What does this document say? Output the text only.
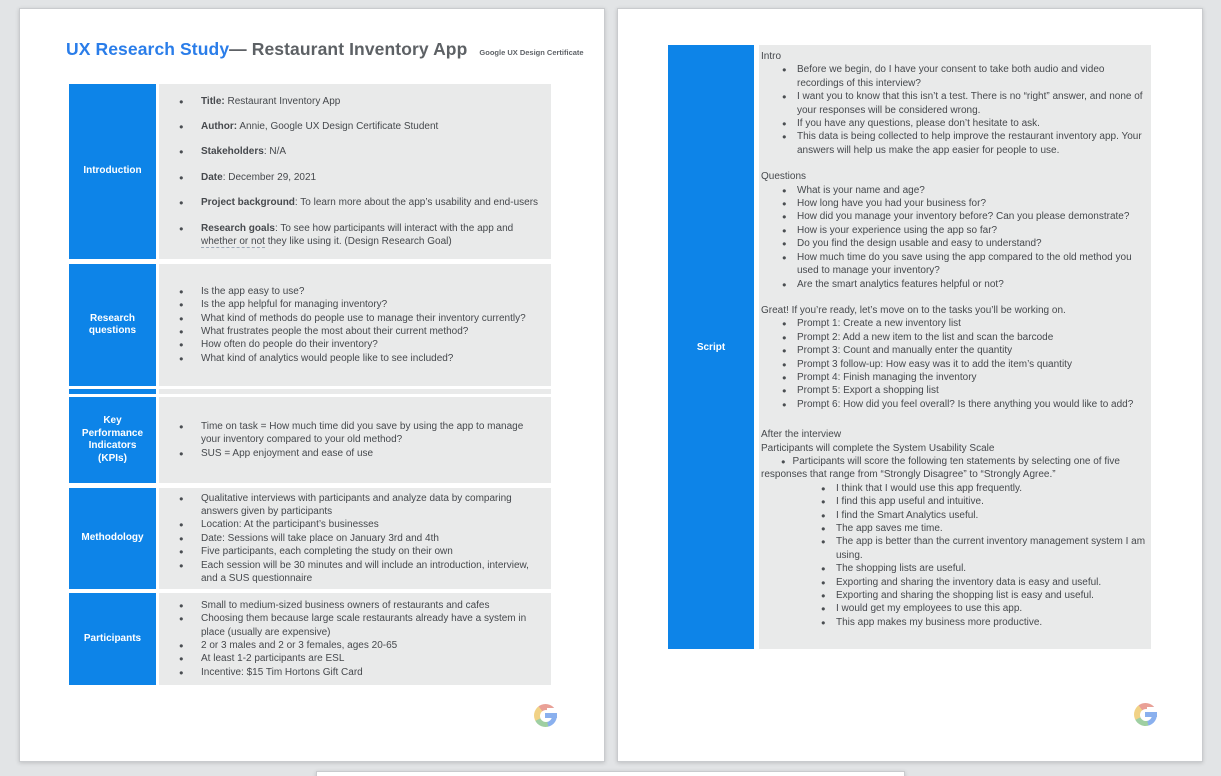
UX Research Study — Restaurant Inventory App Google UX Design Certificate
Introduction
●	Title: Restaurant Inventory App
●	Author: Annie, Google UX Design Certificate Student
●	Stakeholders: N/A
●	Date: December 29, 2021
●	Project background: To learn more about the app’s usability and end-users
●	Research goals: To see how participants will interact with the app and whether or not they like using it. (Design Research Goal)
Research questions
●	Is the app easy to use?
●	Is the app helpful for managing inventory?
●	What kind of methods do people use to manage their inventory currently?
●	What frustrates people the most about their current method?
●	How often do people do their inventory?
●	What kind of analytics would people like to see included?
Key Performance Indicators (KPIs)
●	Time on task = How much time did you save by using the app to manage your inventory compared to your old method?
●	SUS = App enjoyment and ease of use
Methodology
●	Qualitative interviews with participants and analyze data by comparing answers given by participants
●	Location: At the participant’s businesses
●	Date: Sessions will take place on January 3rd and 4th
●	Five participants, each completing the study on their own
●	Each session will be 30 minutes and will include an introduction, interview, and a SUS questionnaire
Participants
●	Small to medium-sized business owners of restaurants and cafes
●	Choosing them because large scale restaurants already have a system in place (usually are expensive)
●	2 or 3 males and 2 or 3 females, ages 20-65
●	At least 1-2 participants are ESL
●	Incentive: $15 Tim Hortons Gift Card
Script
Intro
●	Before we begin, do I have your consent to take both audio and video recordings of this interview?
●	I want you to know that this isn’t a test. There is no “right” answer, and none of your responses will be considered wrong.
●	If you have any questions, please don’t hesitate to ask.
●	This data is being collected to help improve the restaurant inventory app. Your answers will help us make the app easier for people to use.
Questions
●	What is your name and age?
●	How long have you had your business for?
●	How did you manage your inventory before? Can you please demonstrate?
●	How is your experience using the app so far?
●	Do you find the design usable and easy to understand?
●	How much time do you save using the app compared to the old method you used to manage your inventory?
●	Are the smart analytics features helpful or not?
Great! If you’re ready, let’s move on to the tasks you’ll be working on.
●	Prompt 1: Create a new inventory list
●	Prompt 2: Add a new item to the list and scan the barcode
●	Prompt 3: Count and manually enter the quantity
●	Prompt 3 follow-up: How easy was it to add the item’s quantity
●	Prompt 4: Finish managing the inventory
●	Prompt 5: Export a shopping list
●	Prompt 6: How did you feel overall? Is there anything you would like to add?
After the interview
Participants will complete the System Usability Scale
● Participants will score the following ten statements by selecting one of five responses that range from “Strongly Disagree” to “Strongly Agree.”
●	I think that I would use this app frequently.
●	I find this app useful and intuitive.
●	I find the Smart Analytics useful.
●	The app saves me time.
●	The app is better than the current inventory management system I am using.
●	The shopping lists are useful.
●	Exporting and sharing the inventory data is easy and useful.
●	Exporting and sharing the shopping list is easy and useful.
●	I would get my employees to use this app.
●	This app makes my business more productive.
